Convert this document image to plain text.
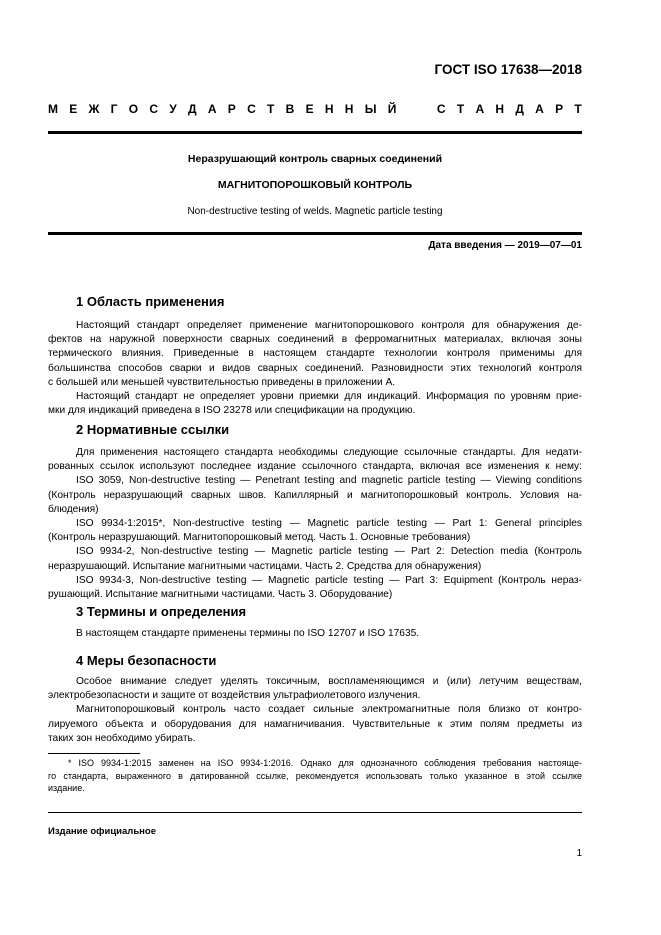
ГОСТ ISO 17638—2018
М Е Ж Г О С У Д А Р С Т В Е Н Н Ы Й	С Т А Н Д А Р Т
Неразрушающий контроль сварных соединений
МАГНИТОПОРОШКОВЫЙ КОНТРОЛЬ
Non-destructive testing of welds. Magnetic particle testing
Дата введения — 2019—07—01
1 Область применения
Настоящий стандарт определяет применение магнитопорошкового контроля для обнаружения де-
фектов на наружной поверхности сварных соединений в ферромагнитных материалах, включая зоны
термического влияния. Приведенные в настоящем стандарте технологии контроля применимы для
большинства способов сварки и видов сварных соединений. Разновидности этих технологий контроля
с большей или меньшей чувствительностью приведены в приложении А.
Настоящий стандарт не определяет уровни приемки для индикаций. Информация по уровням прие-
мки для индикаций приведена в ISO 23278 или спецификации на продукцию.
2 Нормативные ссылки
Для применения настоящего стандарта необходимы следующие ссылочные стандарты. Для недати-
рованных ссылок используют последнее издание ссылочного стандарта, включая все изменения к нему:
ISO 3059, Non-destructive testing — Penetrant testing and magnetic particle testing — Viewing conditions
(Контроль неразрушающий сварных швов. Капиллярный и магнитопорошковый контроль. Условия на-
блюдения)
ISO 9934-1:2015*, Non-destructive testing — Magnetic particle testing — Part 1: General principles
(Контроль неразрушающий. Магнитопорошковый метод. Часть 1. Основные требования)
ISO 9934-2, Non-destructive testing — Magnetic particle testing — Part 2: Detection media (Контроль
неразрушающий. Испытание магнитными частицами. Часть 2. Средства для обнаружения)
ISO 9934-3, Non-destructive testing — Magnetic particle testing — Part 3: Equipment (Контроль нераз-
рушающий. Испытание магнитными частицами. Часть 3. Оборудование)
3 Термины и определения
В настоящем стандарте применены термины по ISO 12707 и ISO 17635.
4 Меры безопасности
Особое внимание следует уделять токсичным, воспламеняющимся и (или) летучим веществам,
электробезопасности и защите от воздействия ультрафиолетового излучения.
Магнитопорошковый контроль часто создает сильные электромагнитные поля близко от контро-
лируемого объекта и оборудования для намагничивания. Чувствительные к этим полям предметы из
таких зон необходимо убирать.
* ISO 9934-1:2015 заменен на ISO 9934-1:2016. Однако для однозначного соблюдения требования настояще-
го стандарта, выраженного в датированной ссылке, рекомендуется использовать только указанное в этой ссылке
издание.
Издание официальное
1
